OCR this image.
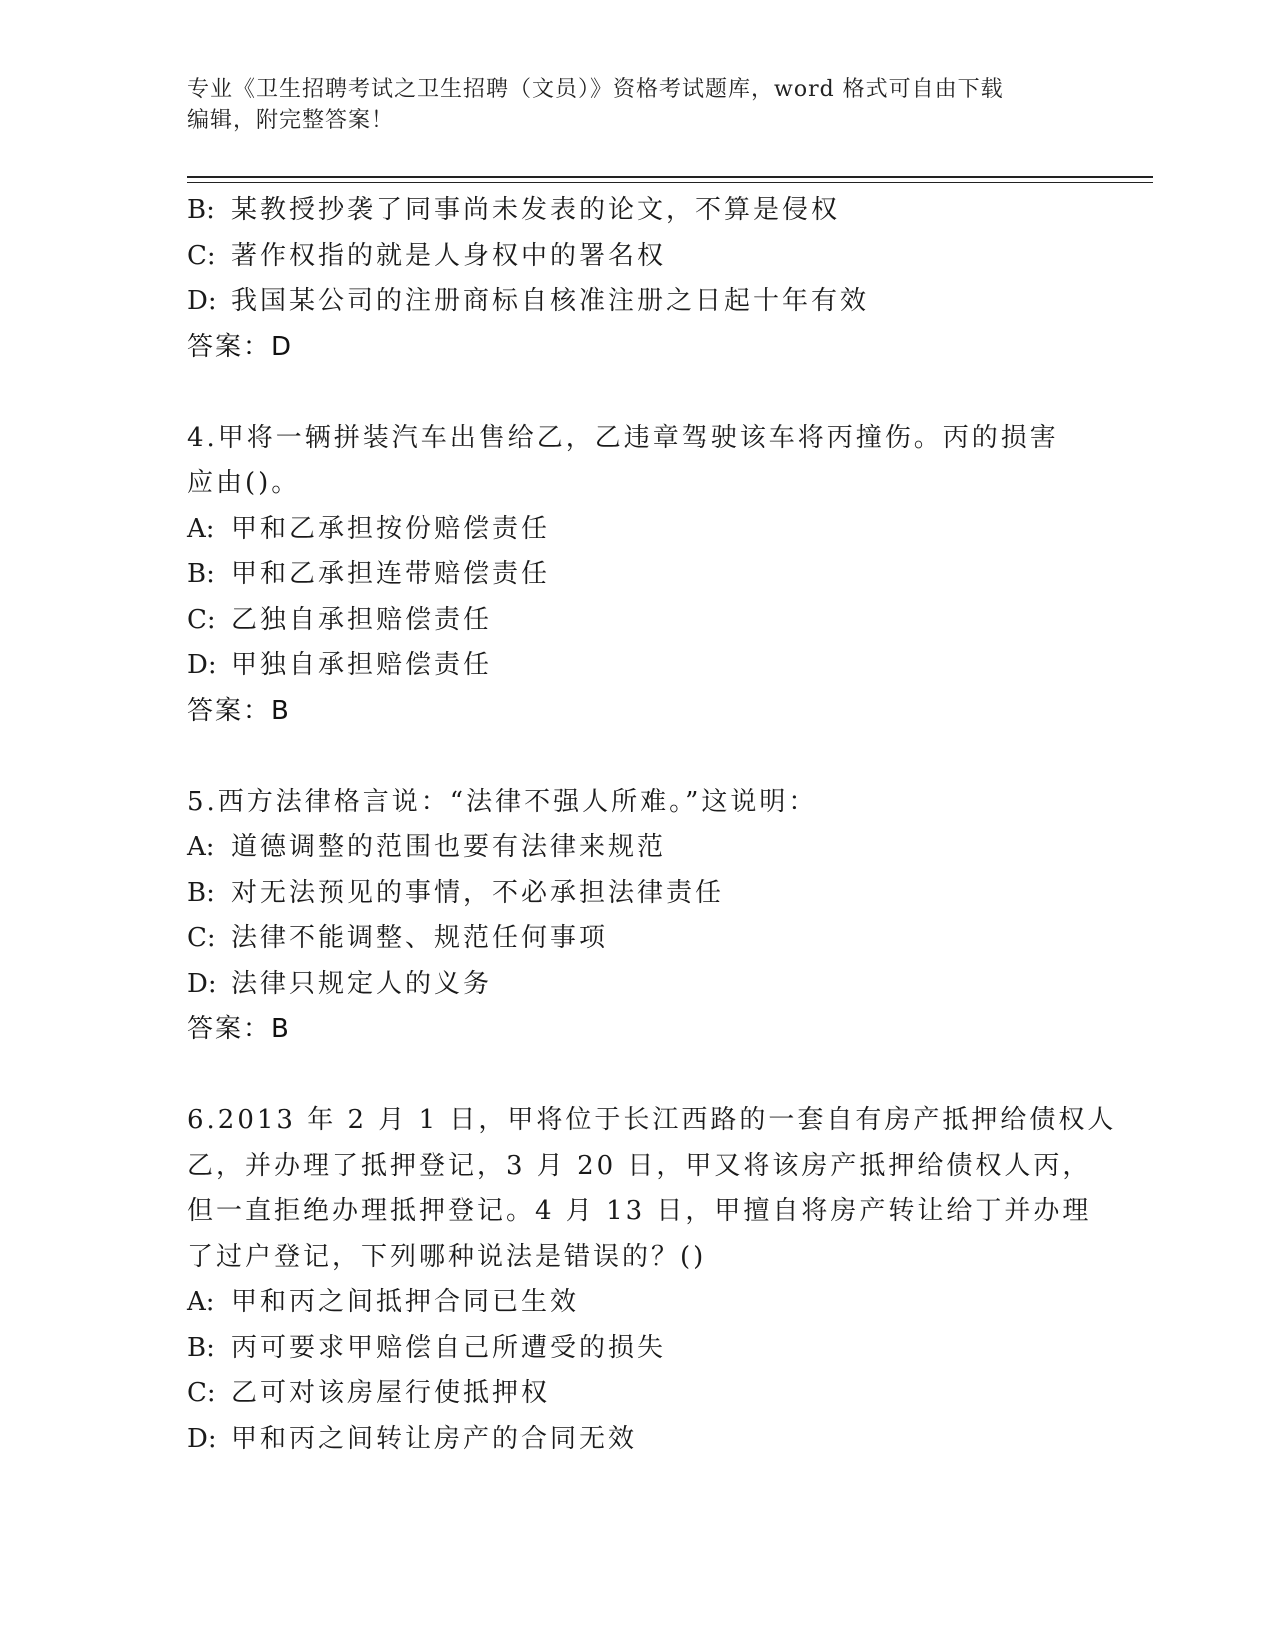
专业《卫生招聘考试之卫生招聘（文员）》资格考试题库，word 格式可自由下载
编辑，附完整答案！
B: 某教授抄袭了同事尚未发表的论文，不算是侵权
C: 著作权指的就是人身权中的署名权
D: 我国某公司的注册商标自核准注册之日起十年有效
答案：D
4.甲将一辆拼装汽车出售给乙，乙违章驾驶该车将丙撞伤。丙的损害
应由()。
A: 甲和乙承担按份赔偿责任
B: 甲和乙承担连带赔偿责任
C: 乙独自承担赔偿责任
D: 甲独自承担赔偿责任
答案：B
5.西方法律格言说：“法律不强人所难。”这说明：
A: 道德调整的范围也要有法律来规范
B: 对无法预见的事情，不必承担法律责任
C: 法律不能调整、规范任何事项
D: 法律只规定人的义务
答案：B
6.2013 年 2 月 1 日，甲将位于长江西路的一套自有房产抵押给债权人
乙，并办理了抵押登记，3 月 20 日，甲又将该房产抵押给债权人丙，
但一直拒绝办理抵押登记。4 月 13 日，甲擅自将房产转让给丁并办理
了过户登记，下列哪种说法是错误的？()
A: 甲和丙之间抵押合同已生效
B: 丙可要求甲赔偿自己所遭受的损失
C: 乙可对该房屋行使抵押权
D: 甲和丙之间转让房产的合同无效
